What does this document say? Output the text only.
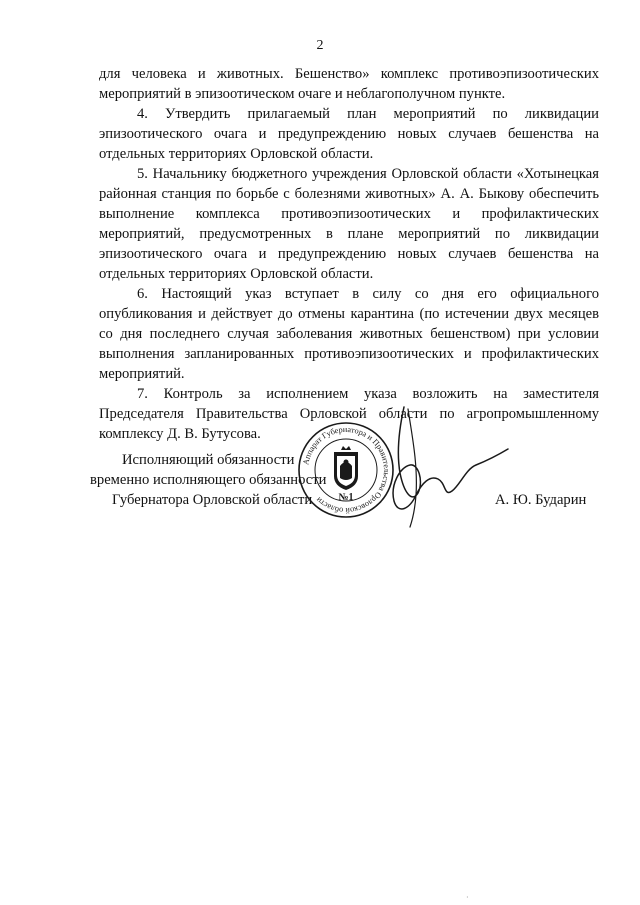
2

для человека и животных. Бешенство» комплекс противоэпизоотических мероприятий в эпизоотическом очаге и неблагополучном пункте.

4. Утвердить прилагаемый план мероприятий по ликвидации эпизоотического очага и предупреждению новых случаев бешенства на отдельных территориях Орловской области.

5. Начальнику бюджетного учреждения Орловской области «Хотынецкая районная станция по борьбе с болезнями животных» А. А. Быкову обеспечить выполнение комплекса противоэпизоотических и профилактических мероприятий, предусмотренных в плане мероприятий по ликвидации эпизоотического очага и предупреждению новых случаев бешенства на отдельных территориях Орловской области.

6. Настоящий указ вступает в силу со дня его официального опубликования и действует до отмены карантина (по истечении двух месяцев со дня последнего случая заболевания животных бешенством) при условии выполнения запланированных противоэпизоотических и профилактических мероприятий.

7. Контроль за исполнением указа возложить на заместителя Председателя Правительства Орловской области по агропромышленному комплексу Д. В. Бутусова.

Исполняющий обязанности
временно исполняющего обязанности
Губернатора Орловской области
Аппарат Губернатора и Правительства Орловской области	№1	А. Ю. Бударин
·
